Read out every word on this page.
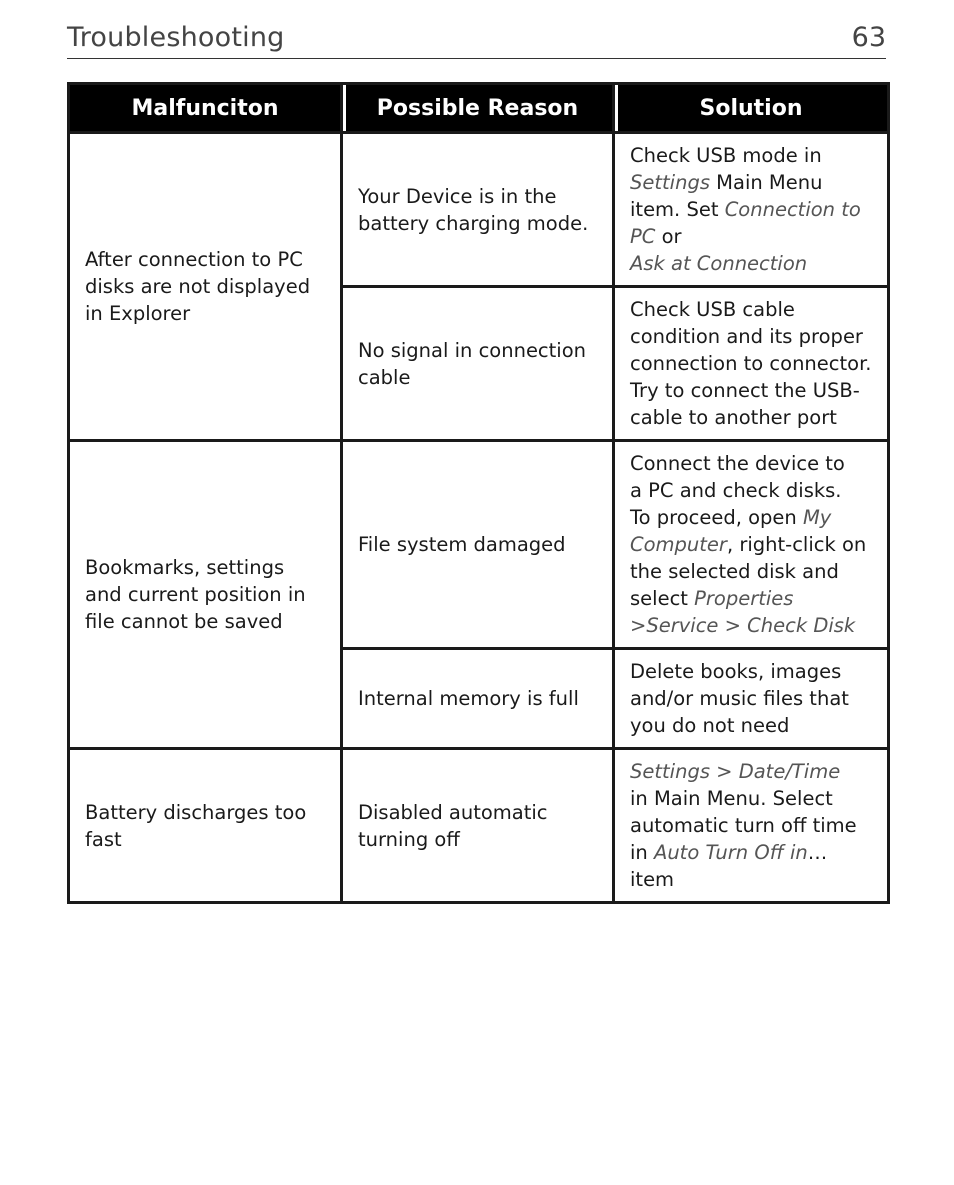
Troubleshooting	63
Malfunciton	Possible Reason	Solution
After connection to PC disks are not displayed in Explorer	Your Device is in the battery charging mode.	Check USB mode in
Settings Main Menu item. Set Connection to PC or
Ask at Connection
	No signal in connection cable	Check USB cable condition and its proper connection to connector. Try to connect the USB-cable to another port
Bookmarks, settings and current position in file cannot be saved	File system damaged	Connect the device to
a PC and check disks.
To proceed, open My Computer, right-click on the selected disk and select Properties >Service > Check Disk
	Internal memory is full	Delete books, images and/or music files that you do not need
Battery discharges too fast	Disabled automatic turning off	Settings > Date/Time
in Main Menu. Select automatic turn off time in Auto Turn Off in… item
